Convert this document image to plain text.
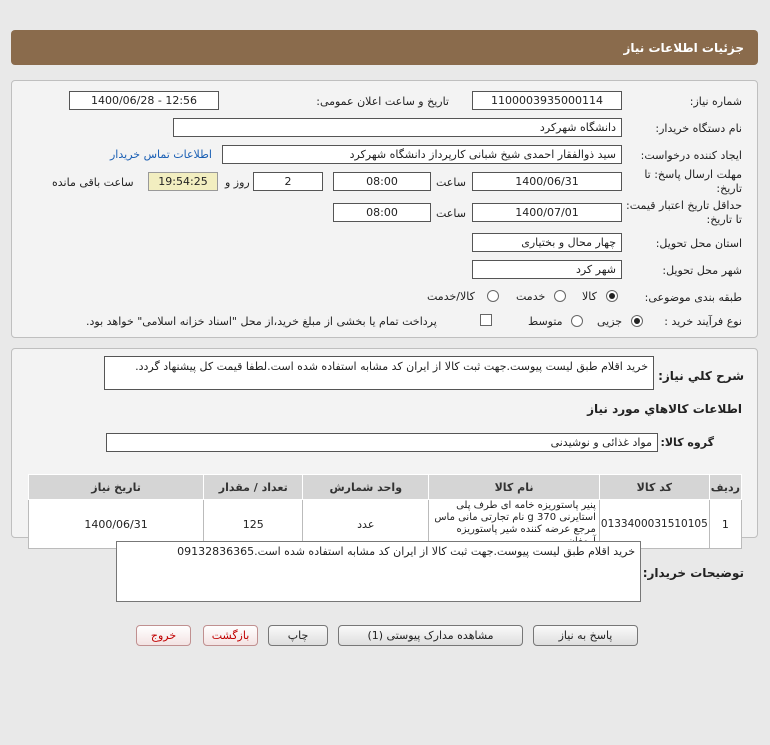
جزئیات اطلاعات نیاز
شماره نیاز:
1100003935000114
تاریخ و ساعت اعلان عمومی:
1400/06/28 - 12:56
نام دستگاه خریدار:
دانشگاه شهرکرد
ایجاد کننده درخواست:
سید ذوالفقار احمدی شیخ شبانی کارپرداز دانشگاه شهرکرد
اطلاعات تماس خریدار
مهلت ارسال پاسخ: تا تاریخ:
1400/06/31
ساعت
08:00
2
روز و
19:54:25
ساعت باقی مانده
حداقل تاریخ اعتبار قیمت: تا تاریخ:
1400/07/01
ساعت
08:00
استان محل تحویل:
چهار محال و بختیاری
شهر محل تحویل:
شهر کرد
طبقه بندی موضوعی:
کالا
خدمت
کالا/خدمت
نوع فرآیند خرید :
جزیی
متوسط
پرداخت تمام یا بخشی از مبلغ خرید،از محل "اسناد خزانه اسلامی" خواهد بود.
شرح کلي نياز:
خرید اقلام طبق لیست پیوست.جهت ثبت کالا از ایران کد مشابه استفاده شده است.لطفا قیمت کل پیشنهاد گردد.
اطلاعات کالاهاي مورد نياز
گروه کالا:
مواد غذائی و نوشیدنی
ردیف	کد کالا	نام کالا	واحد شمارش	تعداد / مقدار	تاریخ نیاز
1	0133400031510105	پنیر پاستوریزه خامه ای طرف پلی استایرنی 370 g نام تجارتی مانی ماس مرجع عرضه کننده شیر پاستوریزه	عدد	125	1400/06/31
توضیحات خریدار:
خرید اقلام طبق لیست پیوست.جهت ثبت کالا از ایران کد مشابه استفاده شده است.09132836365
پاسخ به نیاز
مشاهده مدارک پیوستی (1)
چاپ
بازگشت
خروج
